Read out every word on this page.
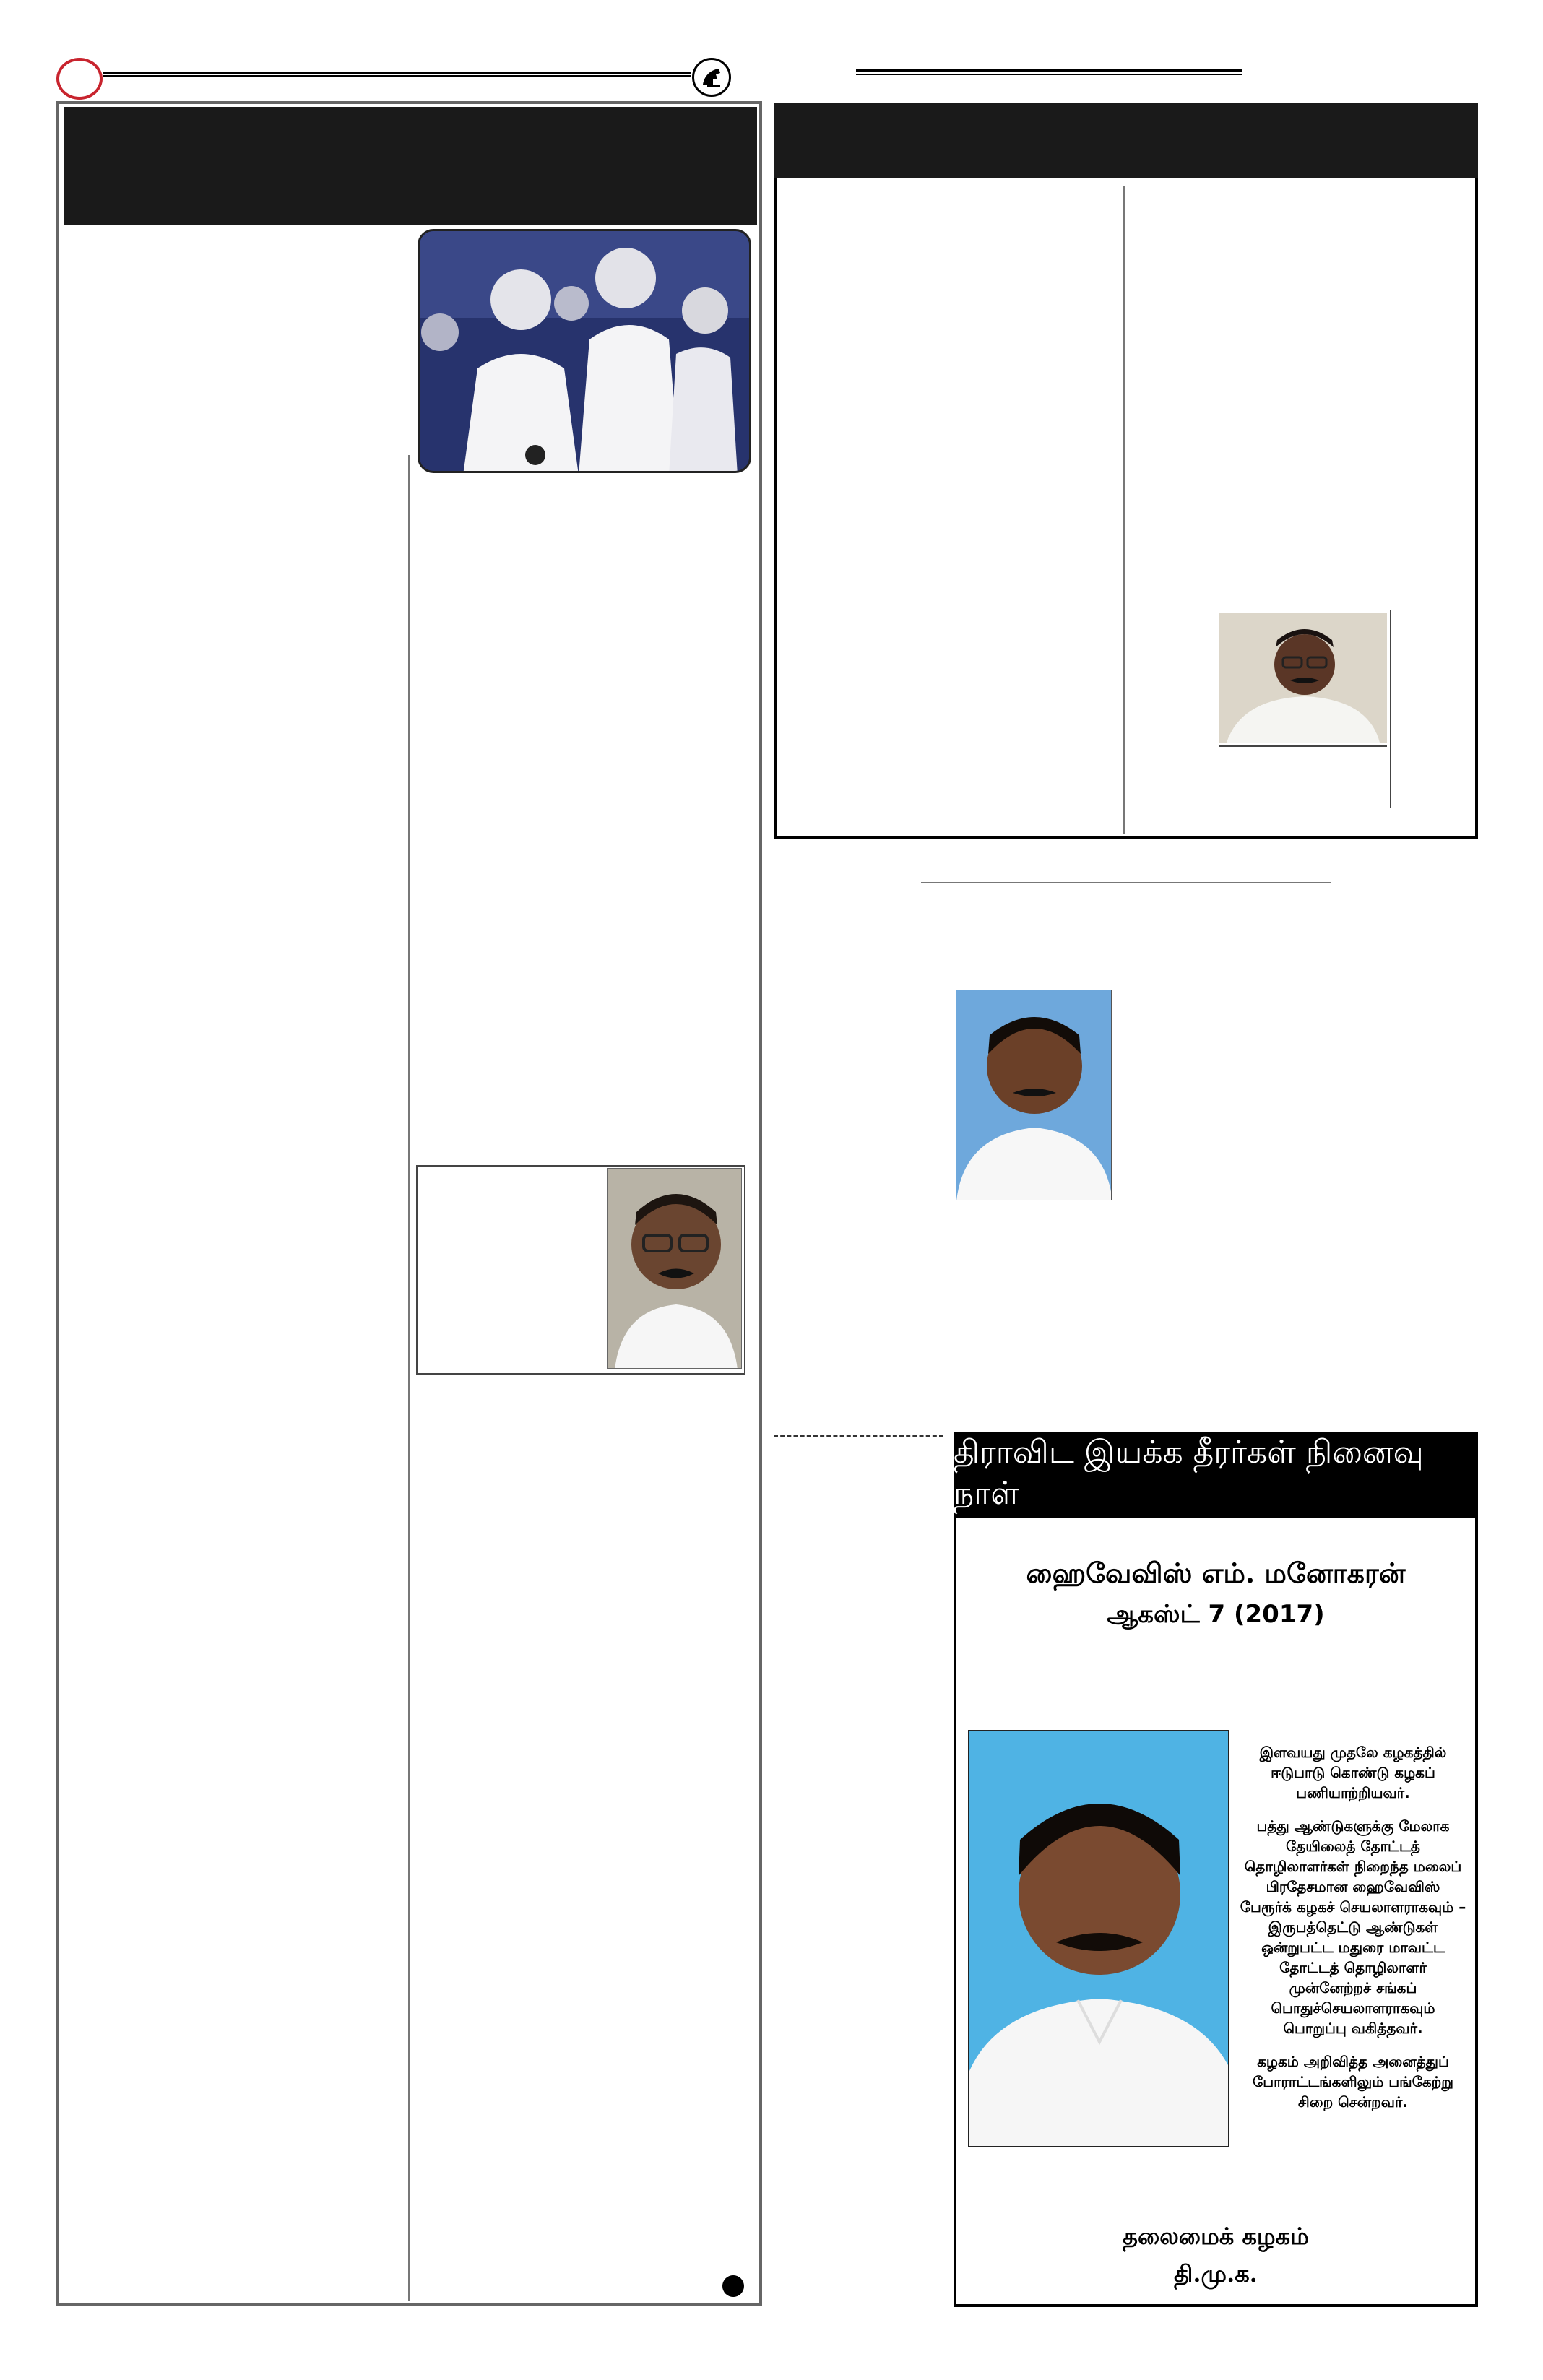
திராவிட இயக்க தீரர்கள் நினைவு நாள்
ஹைவேவிஸ் எம். மனோகரன்
ஆகஸ்ட் 7 (2017)

இளவயது முதலே கழகத்தில் ஈடுபாடு கொண்டு கழகப் பணியாற்றியவர்.

பத்து ஆண்டுகளுக்கு மேலாக தேயிலைத் தோட்டத் தொழிலாளர்கள் நிறைந்த மலைப் பிரதேசமான ஹைவேவிஸ் பேரூர்க் கழகச் செயலாளராகவும் – இருபத்தெட்டு ஆண்டுகள் ஒன்றுபட்ட மதுரை மாவட்ட தோட்டத் தொழிலாளர் முன்னேற்றச் சங்கப் பொதுச்செயலாளராகவும் பொறுப்பு வகித்தவர்.

கழகம் அறிவித்த அனைத்துப் போராட்டங்களிலும் பங்கேற்று சிறை சென்றவர்.

தலைமைக் கழகம்
தி.மு.க.
